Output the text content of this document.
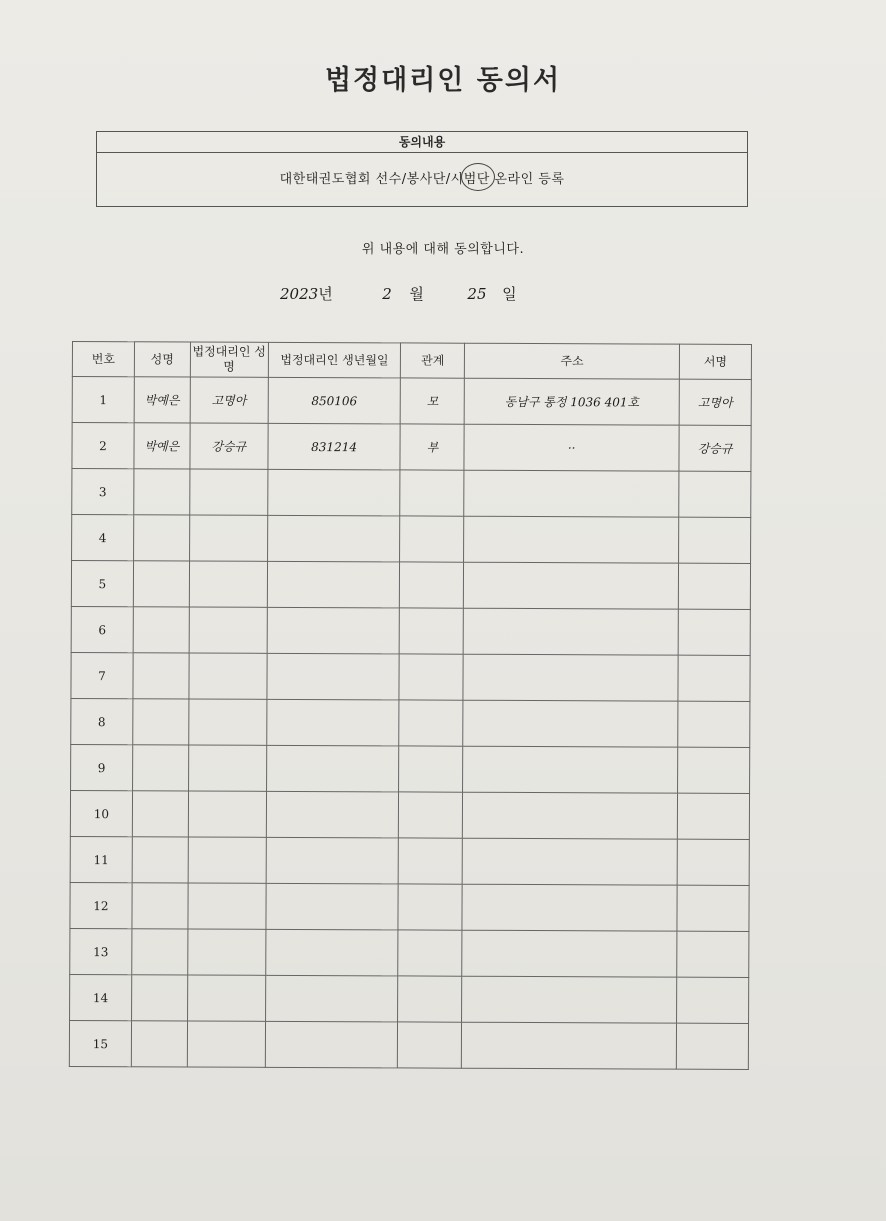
법정대리인 동의서
동의내용
대한태권도협회 선수/봉사단/시범단 온라인 등록
위 내용에 대해 동의합니다.
2023년	2 월	25 일
번호	성명	법정대리인 성명	법정대리인 생년월일	관계	주소	서명
1	박예은	고명아	850106	모	동남구 통정 1036 401호	고명아
2	박예은	강승규	831214	부	··	강승규
3						
4						
5						
6						
7						
8						
9						
10						
11						
12						
13						
14						
15						
